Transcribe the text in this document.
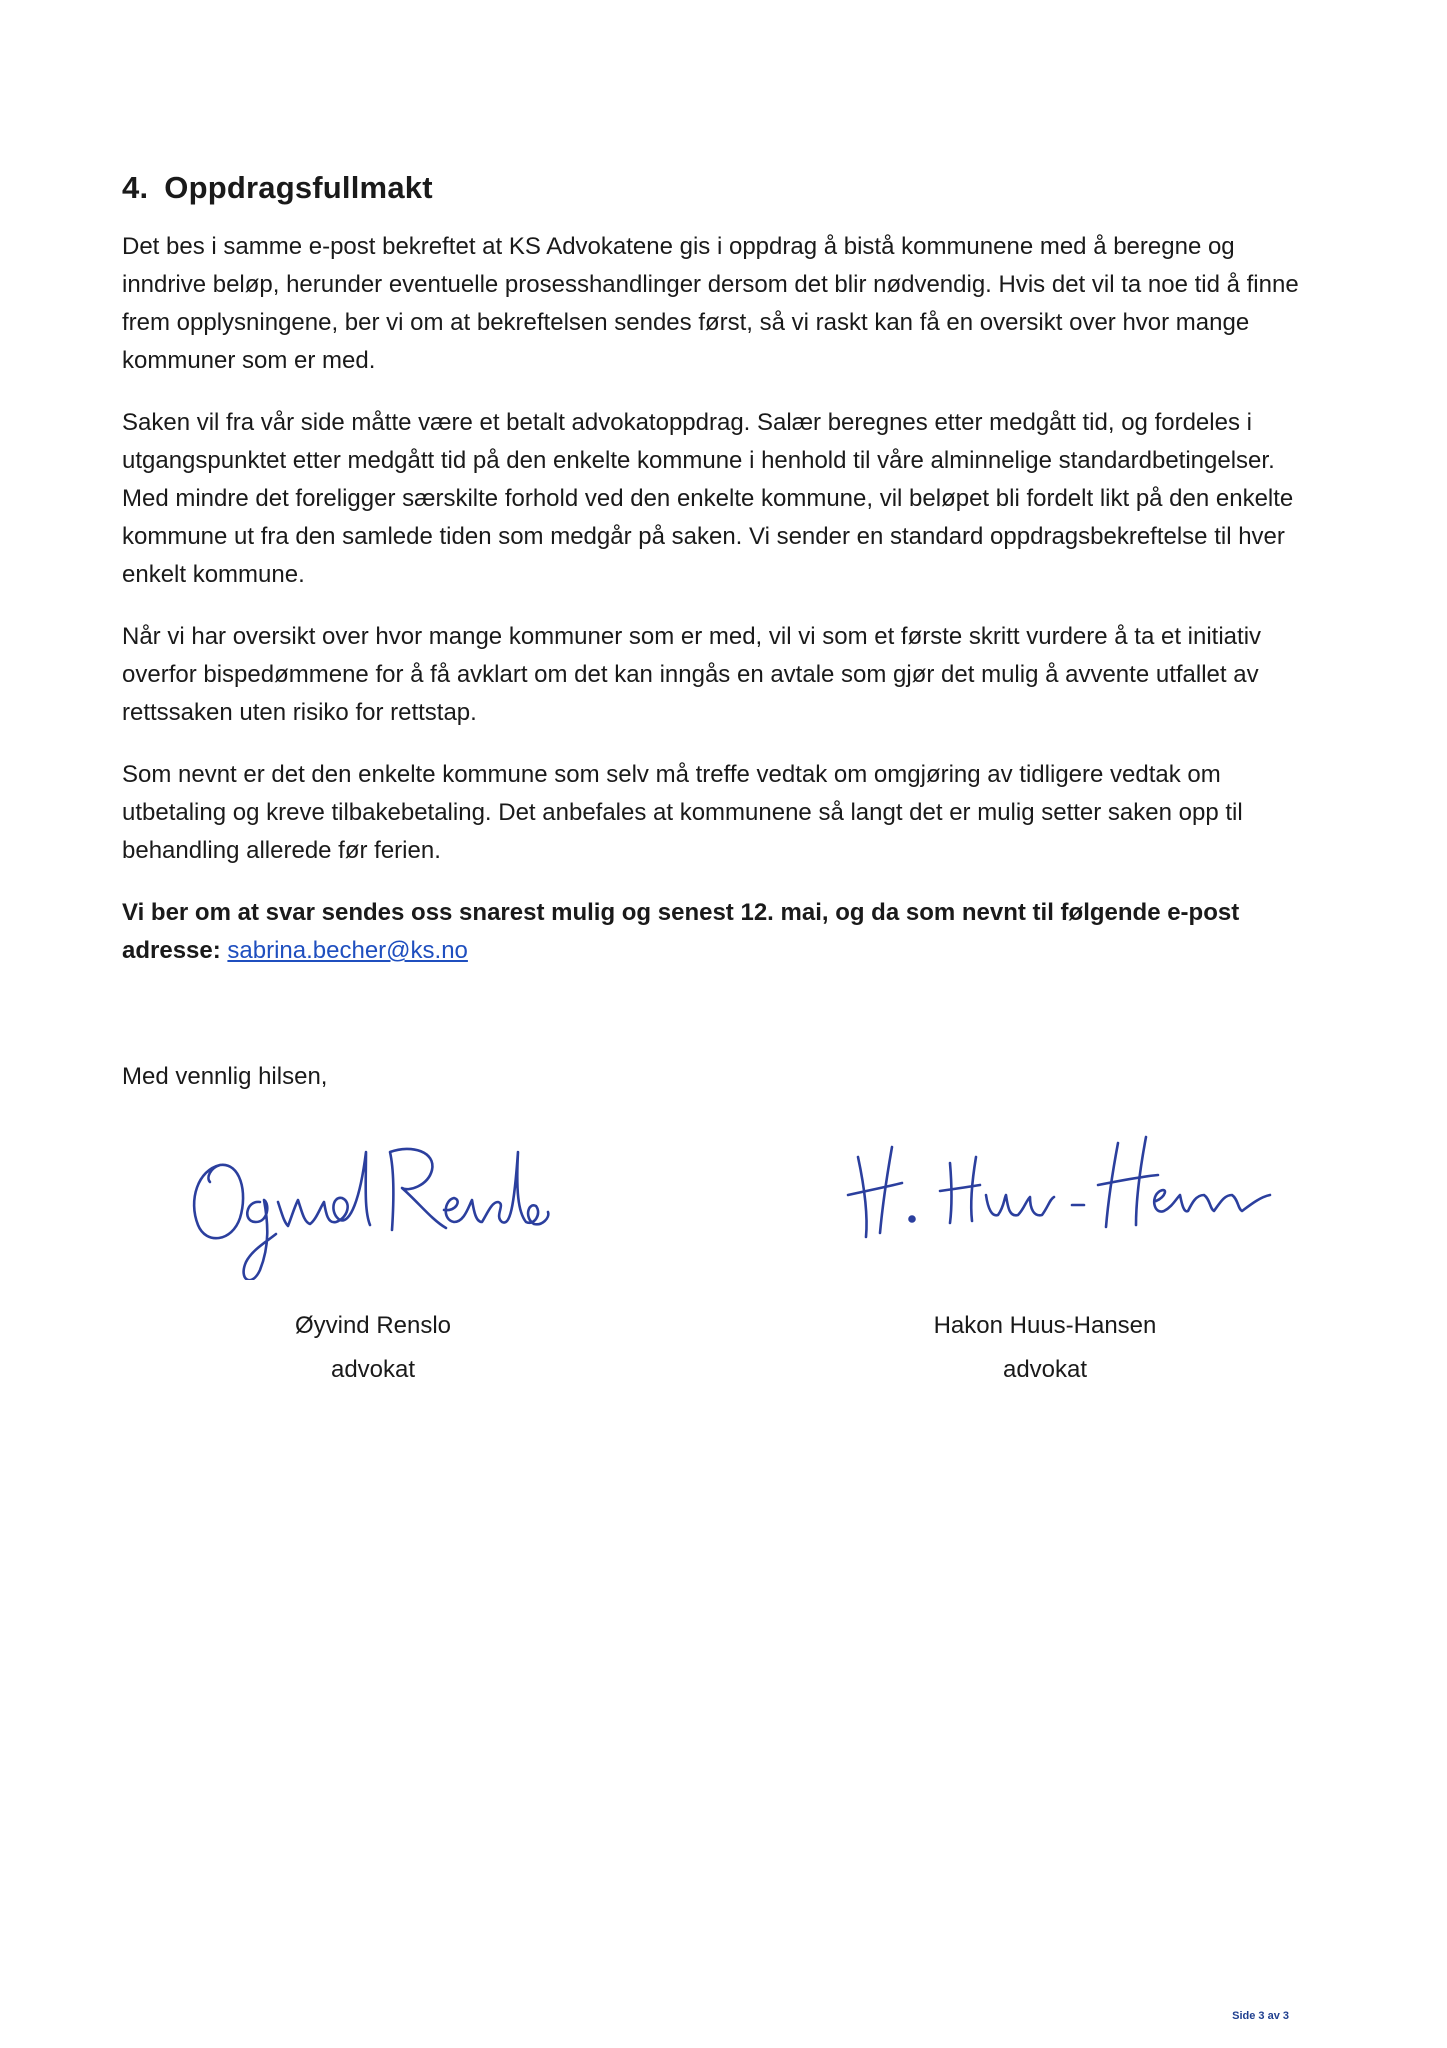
4. Oppdragsfullmakt

Det bes i samme e-post bekreftet at KS Advokatene gis i oppdrag å bistå kommunene med å beregne og inndrive beløp, herunder eventuelle prosesshandlinger dersom det blir nødvendig. Hvis det vil ta noe tid å finne frem opplysningene, ber vi om at bekreftelsen sendes først, så vi raskt kan få en oversikt over hvor mange kommuner som er med.

Saken vil fra vår side måtte være et betalt advokatoppdrag. Salær beregnes etter medgått tid, og fordeles i utgangspunktet etter medgått tid på den enkelte kommune i henhold til våre alminnelige standardbetingelser. Med mindre det foreligger særskilte forhold ved den enkelte kommune, vil beløpet bli fordelt likt på den enkelte kommune ut fra den samlede tiden som medgår på saken. Vi sender en standard oppdragsbekreftelse til hver enkelt kommune.

Når vi har oversikt over hvor mange kommuner som er med, vil vi som et første skritt vurdere å ta et initiativ overfor bispedømmene for å få avklart om det kan inngås en avtale som gjør det mulig å avvente utfallet av rettssaken uten risiko for rettstap.

Som nevnt er det den enkelte kommune som selv må treffe vedtak om omgjøring av tidligere vedtak om utbetaling og kreve tilbakebetaling. Det anbefales at kommunene så langt det er mulig setter saken opp til behandling allerede før ferien.

Vi ber om at svar sendes oss snarest mulig og senest 12. mai, og da som nevnt til følgende e-post adresse: sabrina.becher@ks.no

Med vennlig hilsen,
Øyvind Renslo
advokat
Hakon Huus-Hansen
advokat
Side 3 av 3
